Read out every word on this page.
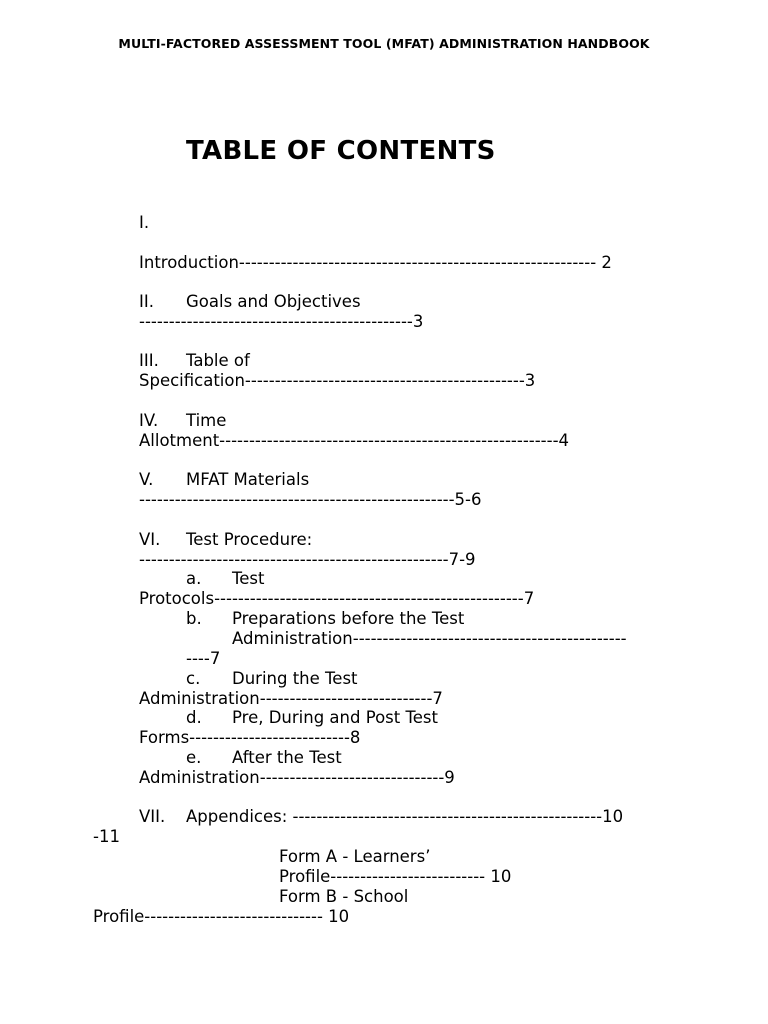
MULTI-FACTORED ASSESSMENT TOOL (MFAT) ADMINISTRATION HANDBOOK
TABLE OF CONTENTS
I.
Introduction------------------------------------------------------------ 2
II. Goals and Objectives
----------------------------------------------3
III. Table of
Specification-----------------------------------------------3
IV. Time
Allotment---------------------------------------------------------4
V. MFAT Materials
-----------------------------------------------------5-6
VI. Test Procedure:
----------------------------------------------------7-9
a. Test
Protocols----------------------------------------------------7
b. Preparations before the Test
Administration----------------------------------------------
----7
c. During the Test
Administration-----------------------------7
d. Pre, During and Post Test
Forms---------------------------8
e. After the Test
Administration-------------------------------9
VII. Appendices: ----------------------------------------------------10
-11
Form A - Learners’
Profile-------------------------- 10
Form B - School
Profile------------------------------ 10
